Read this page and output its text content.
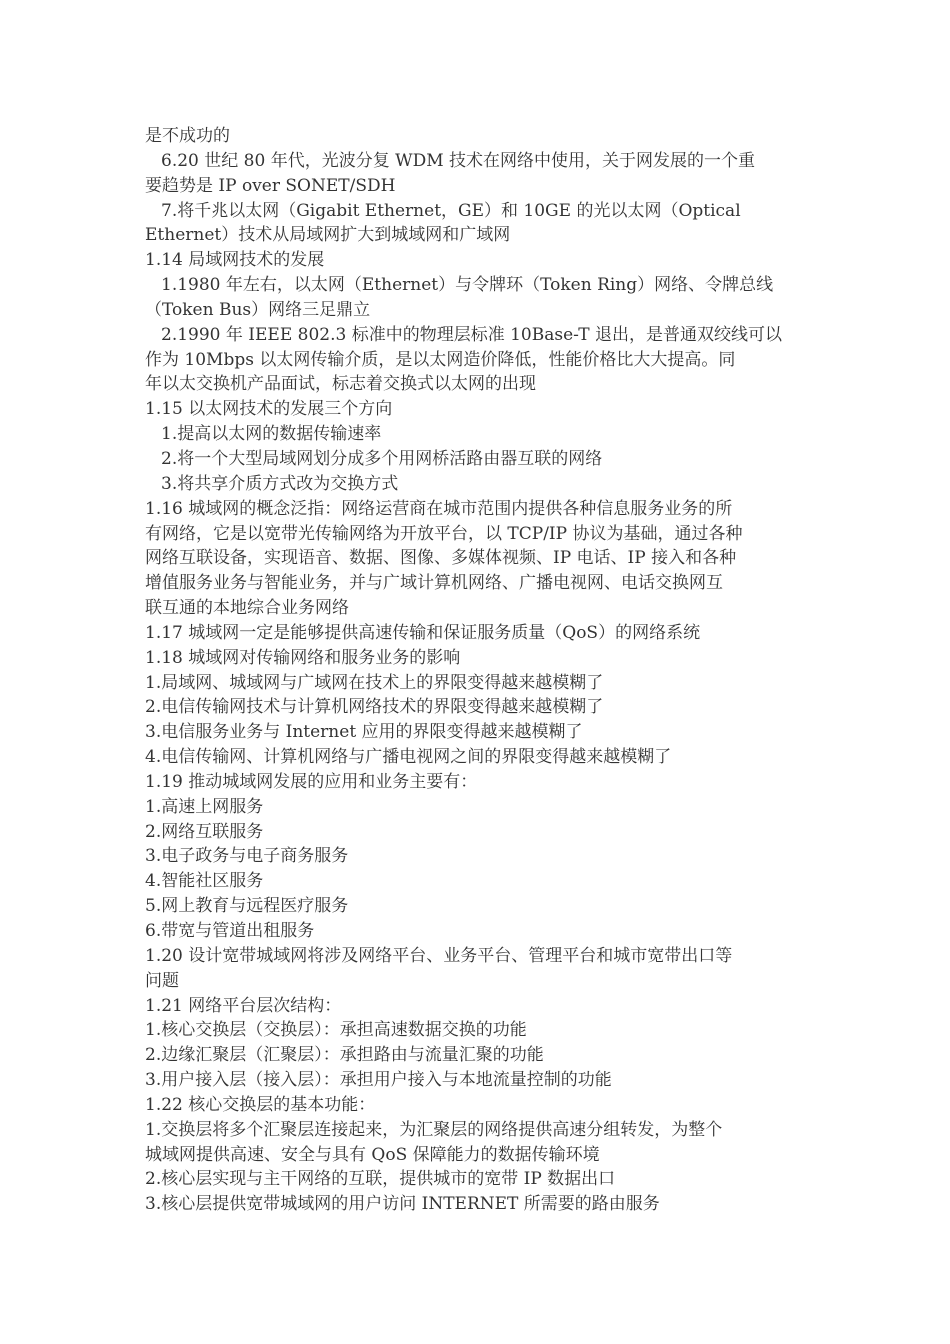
是不成功的
6.20 世纪 80 年代，光波分复 WDM 技术在网络中使用，关于网发展的一个重
要趋势是 IP over SONET/SDH
7.将千兆以太网（Gigabit Ethernet，GE）和 10GE 的光以太网（Optical
Ethernet）技术从局域网扩大到城域网和广域网
1.14 局域网技术的发展
1.1980 年左右，以太网（Ethernet）与令牌环（Token Ring）网络、令牌总线
（Token Bus）网络三足鼎立
2.1990 年 IEEE 802.3 标准中的物理层标准 10Base-T 退出，是普通双绞线可以
作为 10Mbps 以太网传输介质，是以太网造价降低，性能价格比大大提高。同
年以太交换机产品面试，标志着交换式以太网的出现
1.15 以太网技术的发展三个方向
1.提高以太网的数据传输速率
2.将一个大型局域网划分成多个用网桥活路由器互联的网络
3.将共享介质方式改为交换方式
1.16 城域网的概念泛指：网络运营商在城市范围内提供各种信息服务业务的所
有网络，它是以宽带光传输网络为开放平台，以 TCP/IP 协议为基础，通过各种
网络互联设备，实现语音、数据、图像、多媒体视频、IP 电话、IP 接入和各种
增值服务业务与智能业务，并与广域计算机网络、广播电视网、电话交换网互
联互通的本地综合业务网络
1.17 城域网一定是能够提供高速传输和保证服务质量（QoS）的网络系统
1.18 城域网对传输网络和服务业务的影响
1.局域网、城域网与广域网在技术上的界限变得越来越模糊了
2.电信传输网技术与计算机网络技术的界限变得越来越模糊了
3.电信服务业务与 Internet 应用的界限变得越来越模糊了
4.电信传输网、计算机网络与广播电视网之间的界限变得越来越模糊了
1.19 推动城域网发展的应用和业务主要有：
1.高速上网服务
2.网络互联服务
3.电子政务与电子商务服务
4.智能社区服务
5.网上教育与远程医疗服务
6.带宽与管道出租服务
1.20 设计宽带城域网将涉及网络平台、业务平台、管理平台和城市宽带出口等
问题
1.21 网络平台层次结构：
1.核心交换层（交换层）：承担高速数据交换的功能
2.边缘汇聚层（汇聚层）：承担路由与流量汇聚的功能
3.用户接入层（接入层）：承担用户接入与本地流量控制的功能
1.22 核心交换层的基本功能：
1.交换层将多个汇聚层连接起来，为汇聚层的网络提供高速分组转发，为整个
城域网提供高速、安全与具有 QoS 保障能力的数据传输环境
2.核心层实现与主干网络的互联，提供城市的宽带 IP 数据出口
3.核心层提供宽带城域网的用户访问 INTERNET 所需要的路由服务
